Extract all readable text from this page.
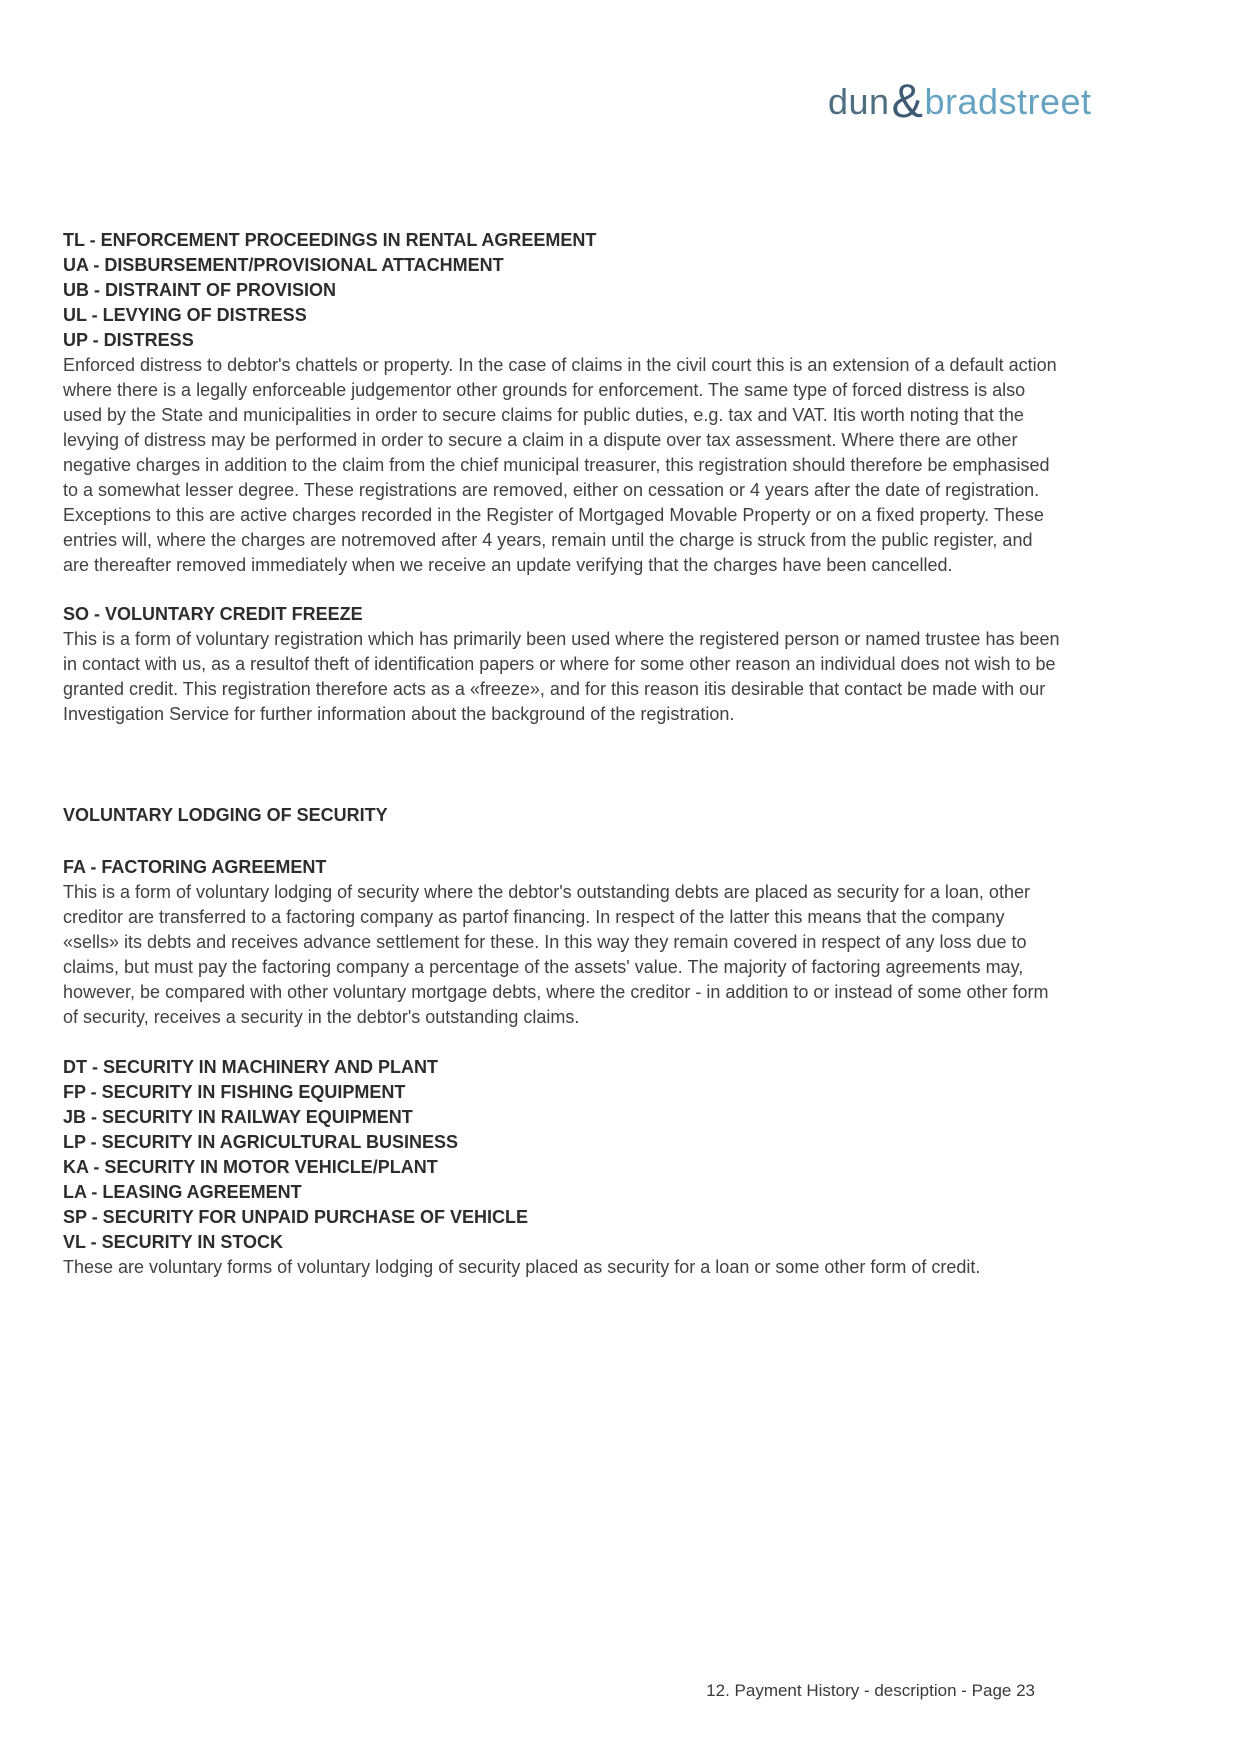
dun & bradstreet
TL - ENFORCEMENT PROCEEDINGS IN RENTAL AGREEMENT
UA - DISBURSEMENT/PROVISIONAL ATTACHMENT
UB - DISTRAINT OF PROVISION
UL - LEVYING OF DISTRESS
UP - DISTRESS

Enforced distress to debtor's chattels or property. In the case of claims in the civil court this is an extension of a default action where there is a legally enforceable judgementor other grounds for enforcement. The same type of forced distress is also used by the State and municipalities in order to secure claims for public duties, e.g. tax and VAT. Itis worth noting that the levying of distress may be performed in order to secure a claim in a dispute over tax assessment. Where there are other negative charges in addition to the claim from the chief municipal treasurer, this registration should therefore be emphasised to a somewhat lesser degree. These registrations are removed, either on cessation or 4 years after the date of registration. Exceptions to this are active charges recorded in the Register of Mortgaged Movable Property or on a fixed property. These entries will, where the charges are notremoved after 4 years, remain until the charge is struck from the public register, and are thereafter removed immediately when we receive an update verifying that the charges have been cancelled.

SO - VOLUNTARY CREDIT FREEZE

This is a form of voluntary registration which has primarily been used where the registered person or named trustee has been in contact with us, as a resultof theft of identification papers or where for some other reason an individual does not wish to be granted credit. This registration therefore acts as a «freeze», and for this reason itis desirable that contact be made with our Investigation Service for further information about the background of the registration.

VOLUNTARY LODGING OF SECURITY
FA - FACTORING AGREEMENT

This is a form of voluntary lodging of security where the debtor's outstanding debts are placed as security for a loan, other creditor are transferred to a factoring company as partof financing. In respect of the latter this means that the company «sells» its debts and receives advance settlement for these. In this way they remain covered in respect of any loss due to claims, but must pay the factoring company a percentage of the assets' value. The majority of factoring agreements may, however, be compared with other voluntary mortgage debts, where the creditor - in addition to or instead of some other form of security, receives a security in the debtor's outstanding claims.

DT - SECURITY IN MACHINERY AND PLANT
FP - SECURITY IN FISHING EQUIPMENT
JB - SECURITY IN RAILWAY EQUIPMENT
LP - SECURITY IN AGRICULTURAL BUSINESS
KA - SECURITY IN MOTOR VEHICLE/PLANT
LA - LEASING AGREEMENT
SP - SECURITY FOR UNPAID PURCHASE OF VEHICLE
VL - SECURITY IN STOCK

These are voluntary forms of voluntary lodging of security placed as security for a loan or some other form of credit.

12. Payment History - description - Page 23
